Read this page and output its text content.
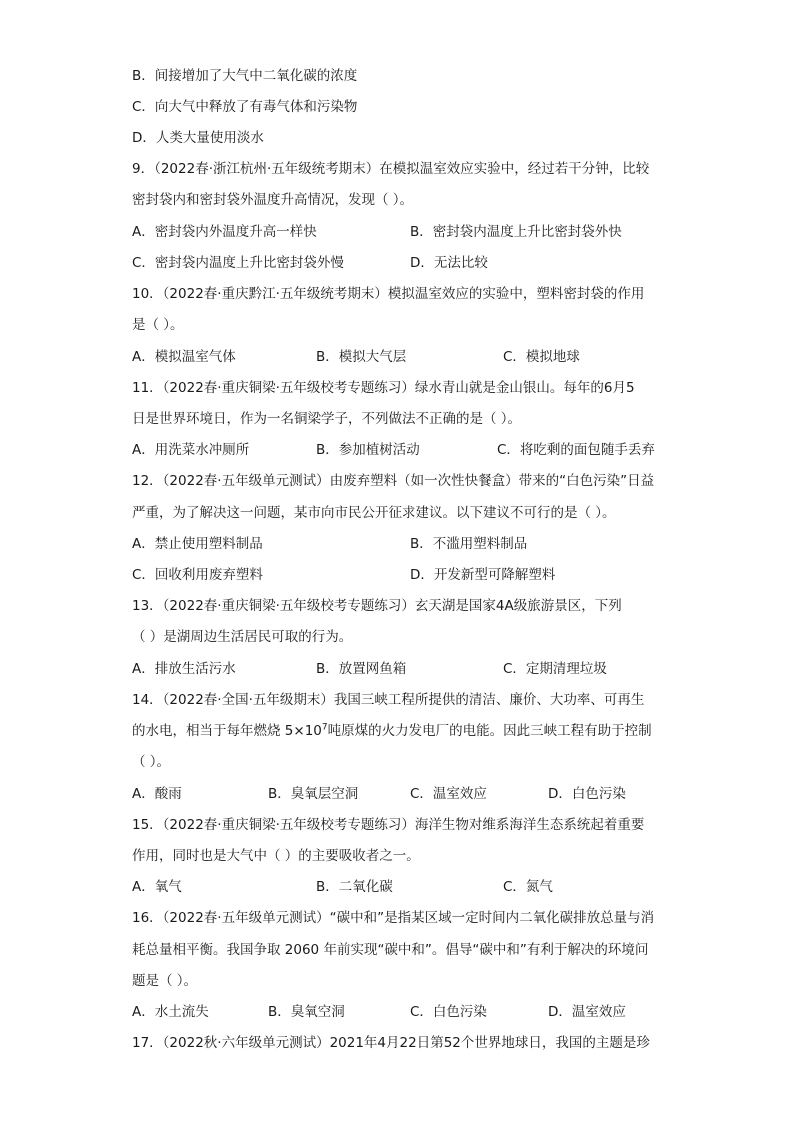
B．间接增加了大气中二氧化碳的浓度
C．向大气中释放了有毒气体和污染物
D．人类大量使用淡水
9．（2022春·浙江杭州·五年级统考期末）在模拟温室效应实验中，经过若干分钟，比较
密封袋内和密封袋外温度升高情况，发现（ ）。
A．密封袋内外温度升高一样快	B．密封袋内温度上升比密封袋外快
C．密封袋内温度上升比密封袋外慢	D．无法比较
10．（2022春·重庆黔江·五年级统考期末）模拟温室效应的实验中，塑料密封袋的作用
是（ ）。
A．模拟温室气体	B．模拟大气层	C．模拟地球
11．（2022春·重庆铜梁·五年级校考专题练习）绿水青山就是金山银山。每年的6月5
日是世界环境日，作为一名铜梁学子，不列做法不正确的是（ ）。
A．用洗菜水冲厕所	B．参加植树活动	C．将吃剩的面包随手丢弃
12．（2022春·五年级单元测试）由废弃塑料（如一次性快餐盒）带来的“白色污染”日益
严重，为了解决这一问题，某市向市民公开征求建议。以下建议不可行的是（ ）。
A．禁止使用塑料制品	B．不滥用塑料制品
C．回收利用废弃塑料	D．开发新型可降解塑料
13．（2022春·重庆铜梁·五年级校考专题练习）玄天湖是国家4A级旅游景区，下列
（ ）是湖周边生活居民可取的行为。
A．排放生活污水	B．放置网鱼箱	C．定期清理垃圾
14．（2022春·全国·五年级期末）我国三峡工程所提供的清洁、廉价、大功率、可再生
的水电，相当于每年燃烧 $5\times 10^7$吨原煤的火力发电厂的电能。因此三峡工程有助于控制
（ ）。
A．酸雨	B．臭氧层空洞	C．温室效应	D．白色污染
15．（2022春·重庆铜梁·五年级校考专题练习）海洋生物对维系海洋生态系统起着重要
作用，同时也是大气中（ ）的主要吸收者之一。
A．氧气	B．二氧化碳	C．氮气
16．（2022春·五年级单元测试）“碳中和”是指某区域一定时间内二氧化碳排放总量与消
耗总量相平衡。我国争取 2060 年前实现“碳中和”。倡导“碳中和”有利于解决的环境问
题是（ ）。
A．水土流失	B．臭氧空洞	C．白色污染	D．温室效应
17．（2022秋·六年级单元测试）2021年4月22日第52个世界地球日，我国的主题是珍
